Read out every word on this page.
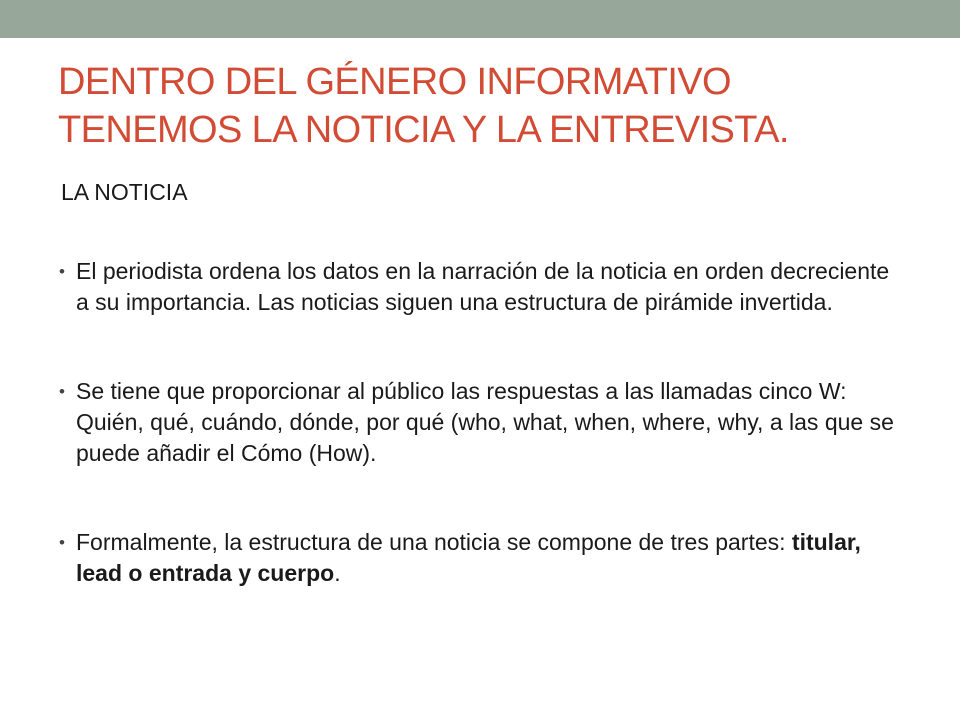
DENTRO DEL GÉNERO INFORMATIVO TENEMOS LA NOTICIA Y LA ENTREVISTA.

LA NOTICIA

• El periodista ordena los datos en la narración de la noticia en orden decreciente a su importancia. Las noticias siguen una estructura de pirámide invertida.
• Se tiene que proporcionar al público las respuestas a las llamadas cinco W: Quién, qué, cuándo, dónde, por qué (who, what, when, where, why, a las que se puede añadir el Cómo (How).
• Formalmente, la estructura de una noticia se compone de tres partes: titular, lead o entrada y cuerpo.
